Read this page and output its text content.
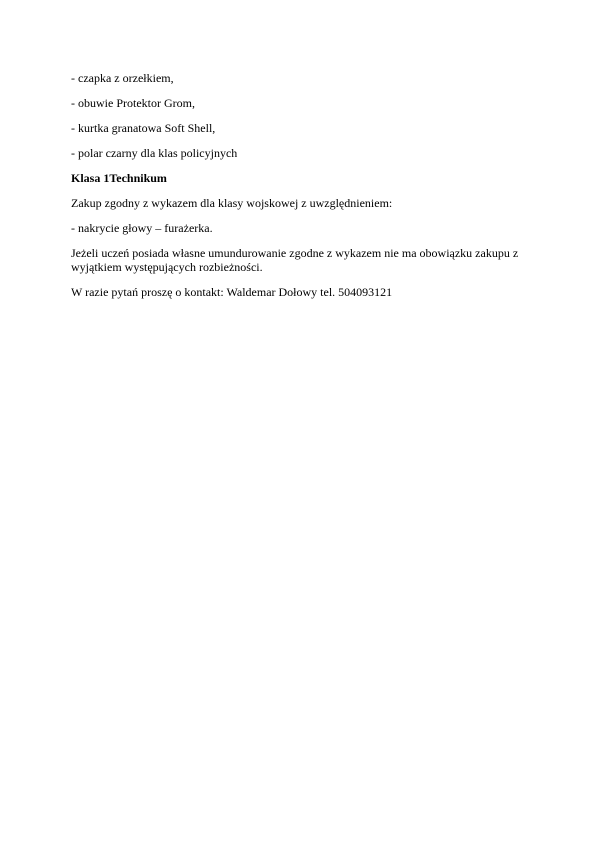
- czapka z orzełkiem,

- obuwie Protektor Grom,

- kurtka granatowa Soft Shell,

- polar czarny dla klas policyjnych

Klasa 1Technikum

Zakup zgodny z wykazem dla klasy wojskowej z uwzględnieniem:

- nakrycie głowy – furażerka.

Jeżeli uczeń posiada własne umundurowanie zgodne z wykazem nie ma obowiązku zakupu z wyjątkiem występujących rozbieżności.

W razie pytań proszę o kontakt: Waldemar Dołowy tel. 504093121
